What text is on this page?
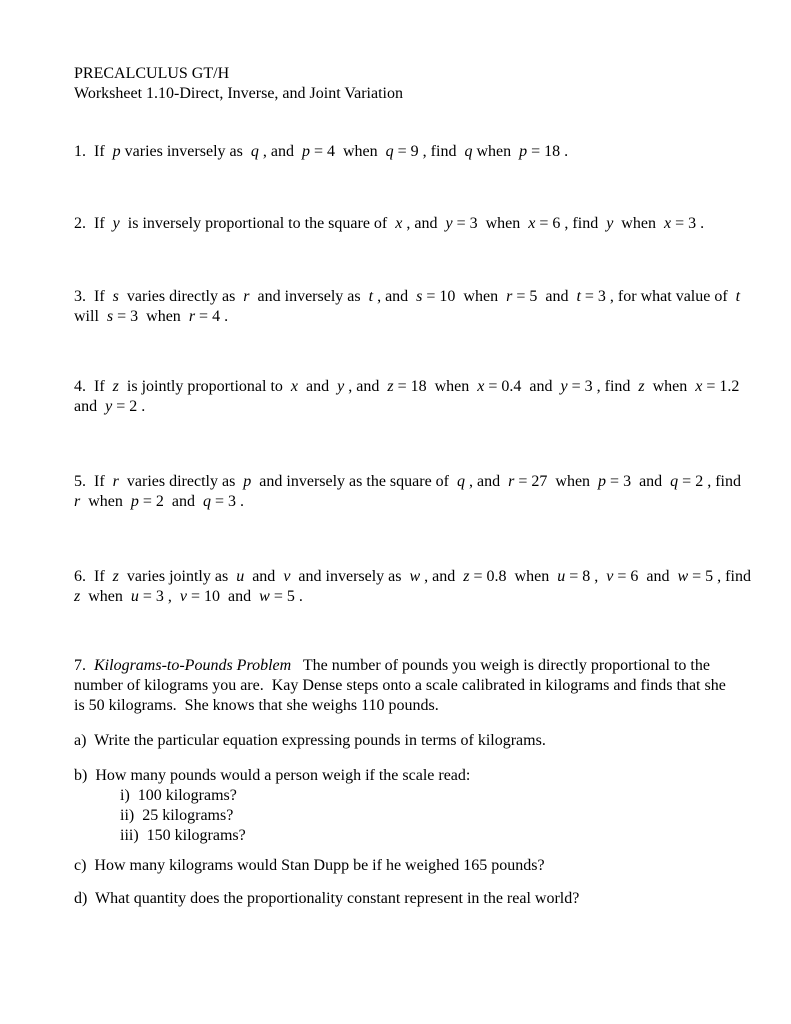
PRECALCULUS GT/H

Worksheet 1.10-Direct, Inverse, and Joint Variation

1.  If  p varies inversely as  q , and  p = 4  when  q = 9 , find  q when  p = 18 .

2.  If  y  is inversely proportional to the square of  x , and  y = 3  when  x = 6 , find  y  when  x = 3 .

3.  If  s  varies directly as  r  and inversely as  t , and  s = 10  when  r = 5  and  t = 3 , for what value of  t
will  s = 3  when  r = 4 .

4.  If  z  is jointly proportional to  x  and  y , and  z = 18  when  x = 0.4  and  y = 3 , find  z  when  x = 1.2
and  y = 2 .

5.  If  r  varies directly as  p  and inversely as the square of  q , and  r = 27  when  p = 3  and  q = 2 , find
r  when  p = 2  and  q = 3 .

6.  If  z  varies jointly as  u  and  v  and inversely as  w , and  z = 0.8  when  u = 8 ,  v = 6  and  w = 5 , find
z  when  u = 3 ,  v = 10  and  w = 5 .

7.  Kilograms-to-Pounds Problem   The number of pounds you weigh is directly proportional to the
number of kilograms you are.  Kay Dense steps onto a scale calibrated in kilograms and finds that she
is 50 kilograms.  She knows that she weighs 110 pounds.

a)  Write the particular equation expressing pounds in terms of kilograms.

b)  How many pounds would a person weigh if the scale read:

i)  100 kilograms?
ii)  25 kilograms?
iii)  150 kilograms?

c)  How many kilograms would Stan Dupp be if he weighed 165 pounds?

d)  What quantity does the proportionality constant represent in the real world?
